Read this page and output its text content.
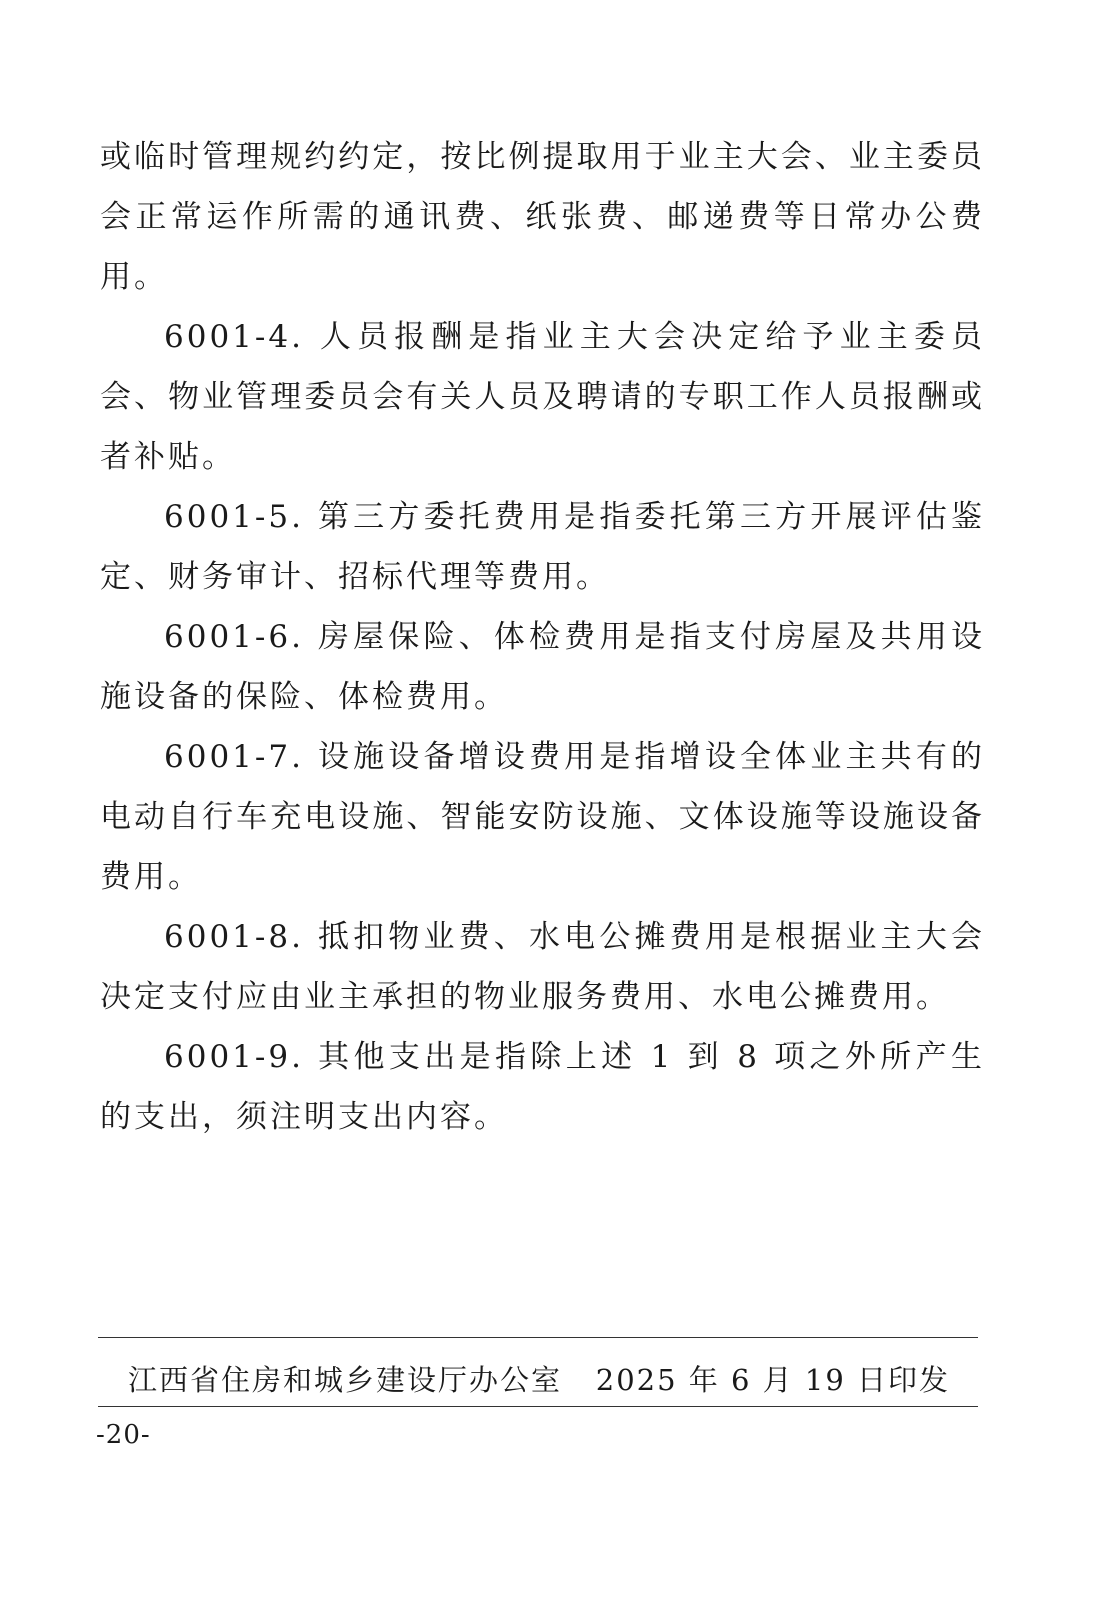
或临时管理规约约定，按比例提取用于业主大会、业主委员会正常运作所需的通讯费、纸张费、邮递费等日常办公费用。

6001-4. 人员报酬是指业主大会决定给予业主委员会、物业管理委员会有关人员及聘请的专职工作人员报酬或者补贴。

6001-5. 第三方委托费用是指委托第三方开展评估鉴定、财务审计、招标代理等费用。

6001-6. 房屋保险、体检费用是指支付房屋及共用设施设备的保险、体检费用。

6001-7. 设施设备增设费用是指增设全体业主共有的电动自行车充电设施、智能安防设施、文体设施等设施设备费用。

6001-8. 抵扣物业费、水电公摊费用是根据业主大会决定支付应由业主承担的物业服务费用、水电公摊费用。

6001-9. 其他支出是指除上述 1 到 8 项之外所产生的支出，须注明支出内容。

江西省住房和城乡建设厅办公室 2025 年 6 月 19 日印发
-20-
